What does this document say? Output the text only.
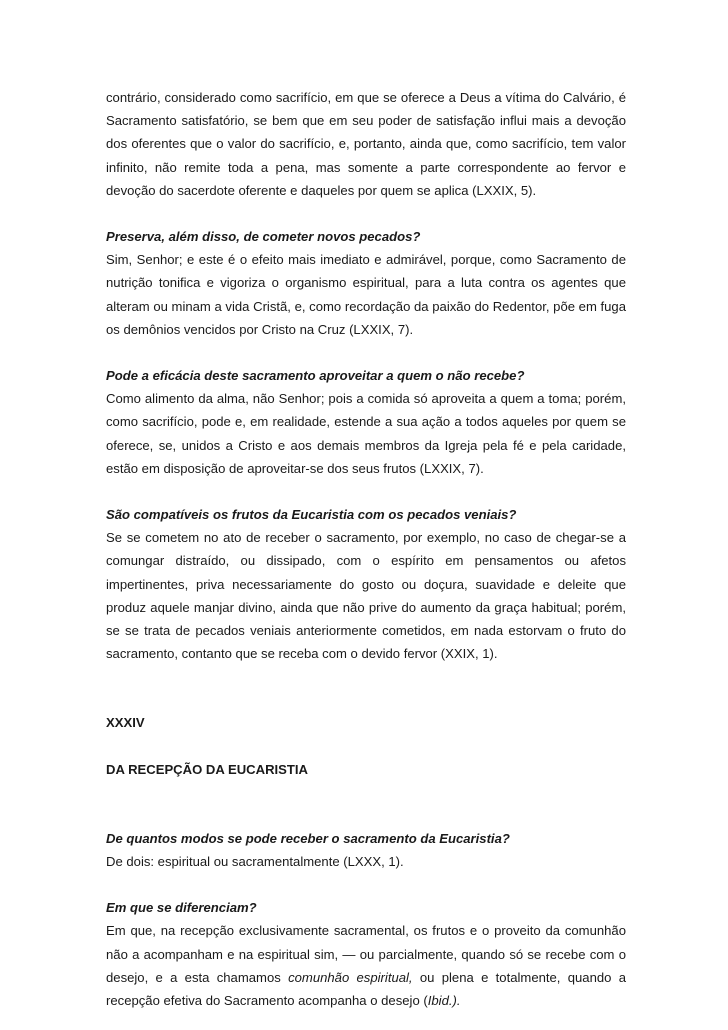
contrário, considerado como sacrifício, em que se oferece a Deus a vítima do Calvário, é Sacramento satisfatório, se bem que em seu poder de satisfação influi mais a devoção dos oferentes que o valor do sacrifício, e, portanto, ainda que, como sacrifício, tem valor infinito, não remite toda a pena, mas somente a parte correspondente ao fervor e devoção do sacerdote oferente e daqueles por quem se aplica (LXXIX, 5).

Preserva, além disso, de cometer novos pecados?

Sim, Senhor; e este é o efeito mais imediato e admirável, porque, como Sacramento de nutrição tonifica e vigoriza o organismo espiritual, para a luta contra os agentes que alteram ou minam a vida Cristã, e, como recordação da paixão do Redentor, põe em fuga os demônios vencidos por Cristo na Cruz (LXXIX, 7).

Pode a eficácia deste sacramento aproveitar a quem o não recebe?

Como alimento da alma, não Senhor; pois a comida só aproveita a quem a toma; porém, como sacrifício, pode e, em realidade, estende a sua ação a todos aqueles por quem se oferece, se, unidos a Cristo e aos demais membros da Igreja pela fé e pela caridade, estão em disposição de aproveitar-se dos seus frutos (LXXIX, 7).

São compatíveis os frutos da Eucaristia com os pecados veniais?

Se se cometem no ato de receber o sacramento, por exemplo, no caso de chegar-se a comungar distraído, ou dissipado, com o espírito em pensamentos ou afetos impertinentes, priva necessariamente do gosto ou doçura, suavidade e deleite que produz aquele manjar divino, ainda que não prive do aumento da graça habitual; porém, se se trata de pecados veniais anteriormente cometidos, em nada estorvam o fruto do sacramento, contanto que se receba com o devido fervor (XXIX, 1).

XXXIV

DA RECEPÇÃO DA EUCARISTIA

De quantos modos se pode receber o sacramento da Eucaristia?

De dois: espiritual ou sacramentalmente (LXXX, 1).

Em que se diferenciam?

Em que, na recepção exclusivamente sacramental, os frutos e o proveito da comunhão não a acompanham e na espiritual sim, — ou parcialmente, quando só se recebe com o desejo, e a esta chamamos comunhão espiritual, ou plena e totalmente, quando a recepção efetiva do Sacramento acompanha o desejo (Ibid.).
